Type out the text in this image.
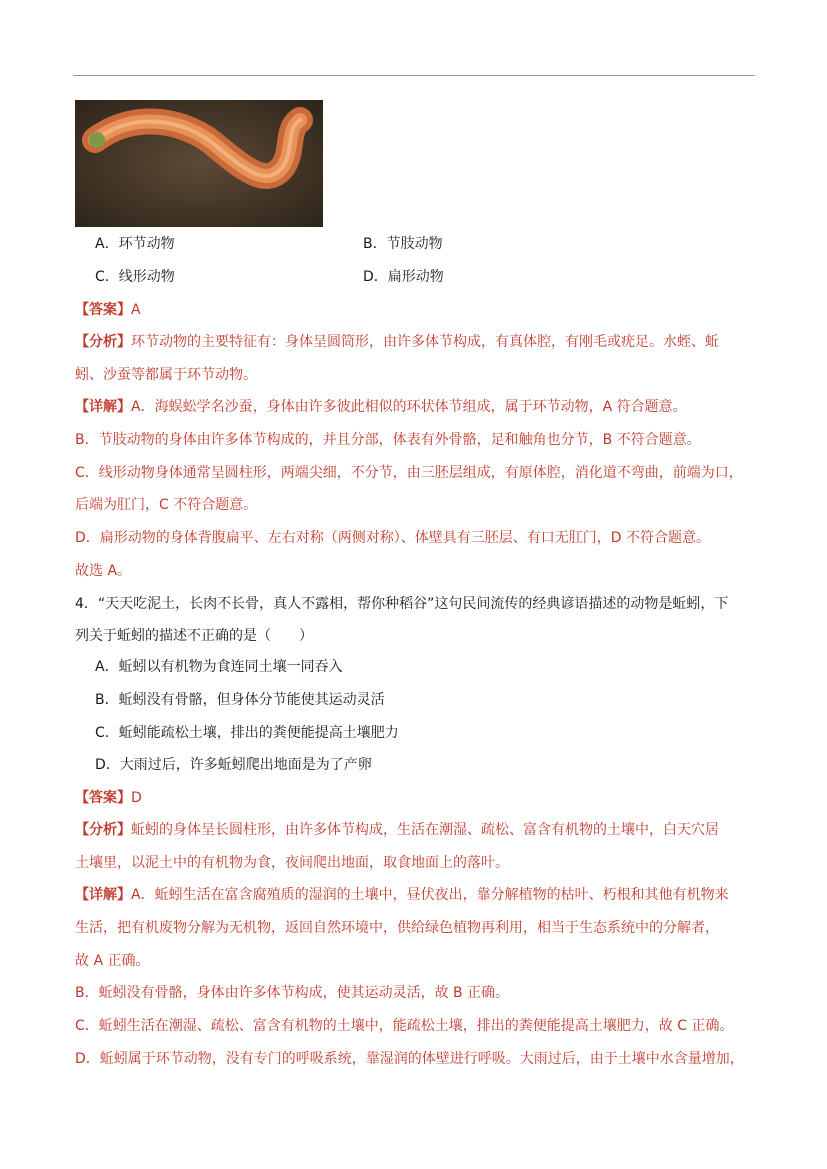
A．环节动物	B．节肢动物
C．线形动物	D．扁形动物
【答案】A
【分析】环节动物的主要特征有：身体呈圆筒形，由许多体节构成，有真体腔，有刚毛或疣足。水蛭、蚯
蚓、沙蚕等都属于环节动物。
【详解】A．海蜈蚣学名沙蚕，身体由许多彼此相似的环状体节组成，属于环节动物，A 符合题意。
B．节肢动物的身体由许多体节构成的，并且分部，体表有外骨骼，足和触角也分节，B 不符合题意。
C．线形动物身体通常呈圆柱形，两端尖细，不分节，由三胚层组成，有原体腔，消化道不弯曲，前端为口，
后端为肛门，C 不符合题意。
D．扁形动物的身体背腹扁平、左右对称（两侧对称）、体壁具有三胚层、有口无肛门，D 不符合题意。
故选 A。
4．“天天吃泥土，长肉不长骨，真人不露相，帮你种稻谷”这句民间流传的经典谚语描述的动物是蚯蚓，下
列关于蚯蚓的描述不正确的是（　　）
A．蚯蚓以有机物为食连同土壤一同吞入
B．蚯蚓没有骨骼，但身体分节能使其运动灵活
C．蚯蚓能疏松土壤，排出的粪便能提高土壤肥力
D．大雨过后，许多蚯蚓爬出地面是为了产卵
【答案】D
【分析】蚯蚓的身体呈长圆柱形，由许多体节构成，生活在潮湿、疏松、富含有机物的土壤中，白天穴居
土壤里，以泥土中的有机物为食，夜间爬出地面，取食地面上的落叶。
【详解】A．蚯蚓生活在富含腐殖质的湿润的土壤中，昼伏夜出，靠分解植物的枯叶、朽根和其他有机物来
生活，把有机废物分解为无机物，返回自然环境中，供给绿色植物再利用，相当于生态系统中的分解者，
故 A 正确。
B．蚯蚓没有骨骼，身体由许多体节构成，使其运动灵活，故 B 正确。
C．蚯蚓生活在潮湿、疏松、富含有机物的土壤中，能疏松土壤，排出的粪便能提高土壤肥力，故 C 正确。
D．蚯蚓属于环节动物，没有专门的呼吸系统，靠湿润的体壁进行呼吸。大雨过后，由于土壤中水含量增加，
